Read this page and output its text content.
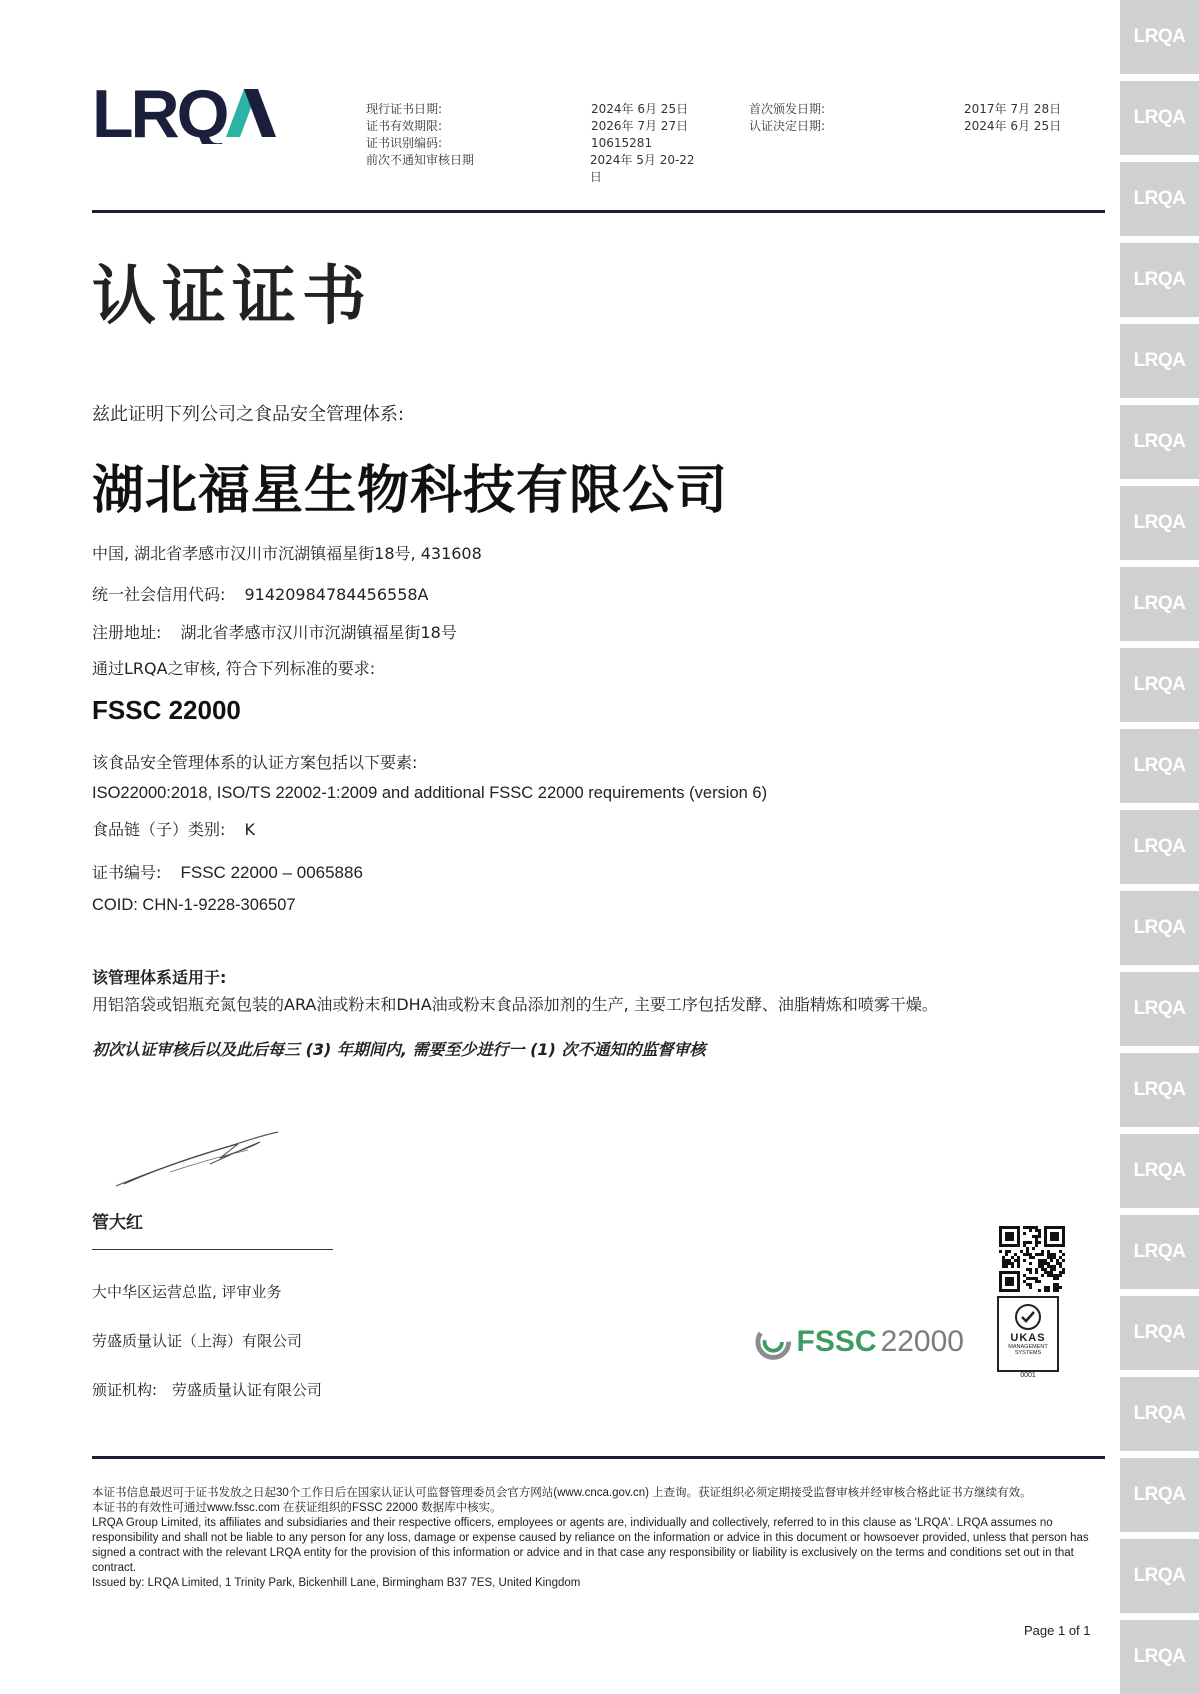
LRQA
LRQA
LRQA
LRQA
LRQA
LRQA
LRQA
LRQA
LRQA
LRQA
LRQA
LRQA
LRQA
LRQA
LRQA
LRQA
LRQA
LRQA
LRQA
LRQA
LRQA
LRQ	现行证书日期:	2024年 6月 25日
证书有效期限:	2026年 7月 27日
证书识别编码:	10615281
前次不通知审核日期	2024年 5月 20-22日
首次颁发日期:	2017年 7月 28日
认证决定日期:	2024年 6月 25日
认证证书
兹此证明下列公司之食品安全管理体系:
湖北福星生物科技有限公司
中国, 湖北省孝感市汉川市沉湖镇福星街18号, 431608
统一社会信用代码: 91420984784456558A
注册地址: 湖北省孝感市汉川市沉湖镇福星街18号
通过LRQA之审核, 符合下列标准的要求:
FSSC 22000
该食品安全管理体系的认证方案包括以下要素:
ISO22000:2018, ISO/TS 22002-1:2009 and additional FSSC 22000 requirements (version 6)
食品链（子）类别: K
证书编号: FSSC 22000 – 0065886
COID: CHN-1-9228-306507
该管理体系适用于:
用铝箔袋或铝瓶充氮包装的ARA油或粉末和DHA油或粉末食品添加剂的生产, 主要工序包括发酵、油脂精炼和喷雾干燥。
初次认证审核后以及此后每三 (3) 年期间内, 需要至少进行一 (1) 次不通知的监督审核
管大红
大中华区运营总监, 评审业务
劳盛质量认证（上海）有限公司
颁证机构: 劳盛质量认证有限公司
FSSC 22000	UKAS
MANAGEMENT SYSTEMS
0001
本证书信息最迟可于证书发放之日起30个工作日后在国家认证认可监督管理委员会官方网站(www.cnca.gov.cn) 上查询。获证组织必须定期接受监督审核并经审核合格此证书方继续有效。
本证书的有效性可通过www.fssc.com 在获证组织的FSSC 22000 数据库中核实。
LRQA Group Limited, its affiliates and subsidiaries and their respective officers, employees or agents are, individually and collectively, referred to in this clause as 'LRQA'. LRQA assumes no responsibility and shall not be liable to any person for any loss, damage or expense caused by reliance on the information or advice in this document or howsoever provided, unless that person has signed a contract with the relevant LRQA entity for the provision of this information or advice and in that case any responsibility or liability is exclusively on the terms and conditions set out in that contract.
Issued by: LRQA Limited, 1 Trinity Park, Bickenhill Lane, Birmingham B37 7ES, United Kingdom
Page 1 of 1
